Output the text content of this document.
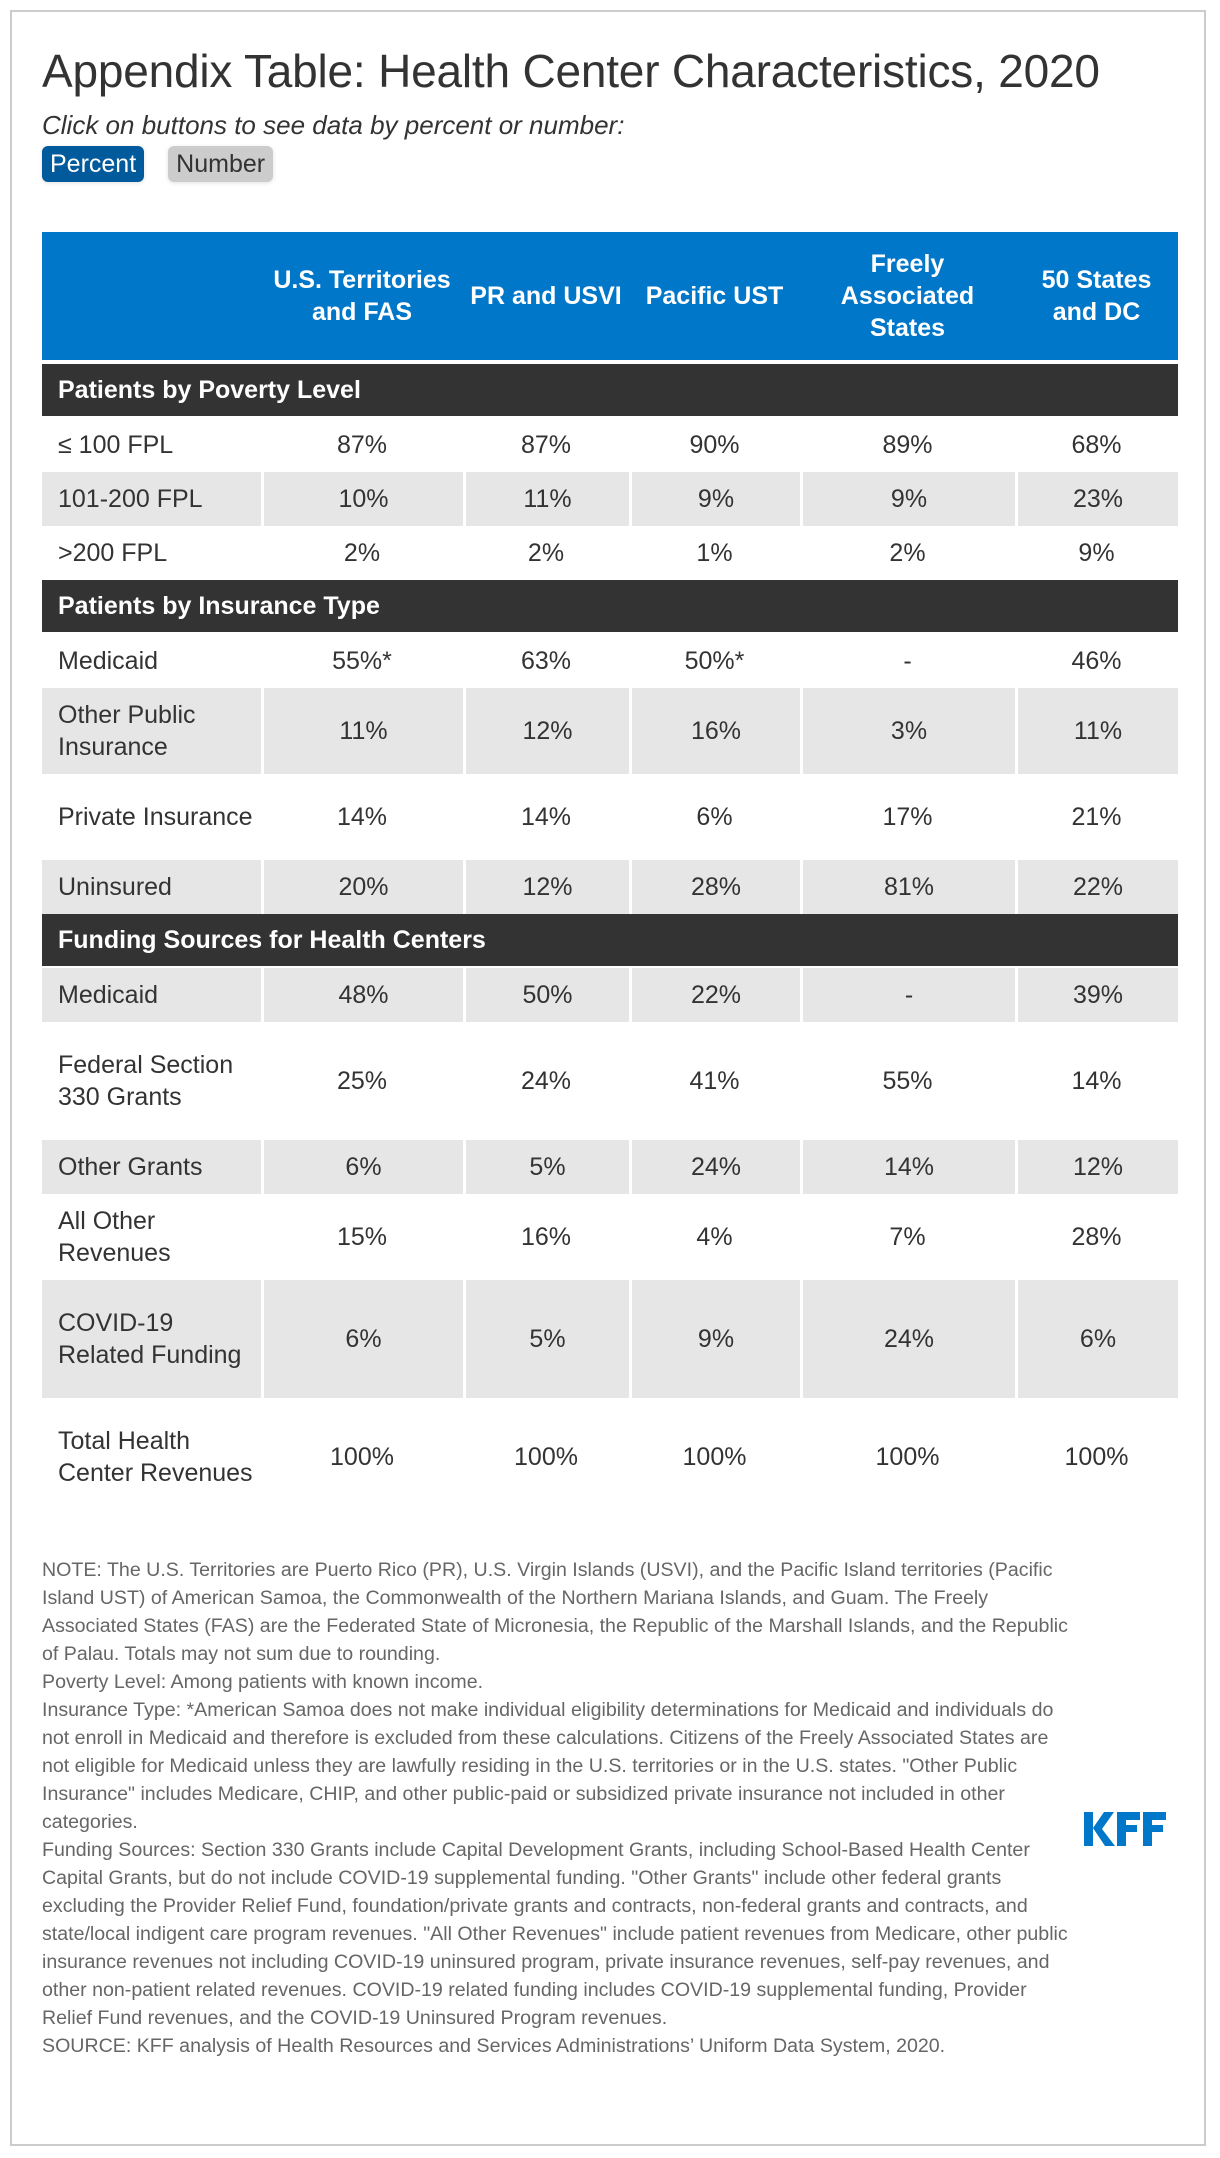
Appendix Table: Health Center Characteristics, 2020
Click on buttons to see data by percent or number:
Percent	Number
	U.S. Territories and FAS	PR and USVI	Pacific UST	Freely Associated States	50 States and DC
Patients by Poverty Level					
≤ 100 FPL	87%	87%	90%	89%	68%
101-200 FPL	10%	11%	9%	9%	23%
>200 FPL	2%	2%	1%	2%	9%
Patients by Insurance Type					
Medicaid	55%*	63%	50%*	-	46%
Other Public Insurance	11%	12%	16%	3%	11%
Private Insurance	14%	14%	6%	17%	21%
Uninsured	20%	12%	28%	81%	22%
Funding Sources for Health Centers					
Medicaid	48%	50%	22%	-	39%
Federal Section 330 Grants	25%	24%	41%	55%	14%
Other Grants	6%	5%	24%	14%	12%
All Other Revenues	15%	16%	4%	7%	28%
COVID-19 Related Funding	6%	5%	9%	24%	6%
Total Health Center Revenues	100%	100%	100%	100%	100%

NOTE: The U.S. Territories are Puerto Rico (PR), U.S. Virgin Islands (USVI), and the Pacific Island territories (Pacific Island UST) of American Samoa, the Commonwealth of the Northern Mariana Islands, and Guam. The Freely Associated States (FAS) are the Federated State of Micronesia, the Republic of the Marshall Islands, and the Republic of Palau. Totals may not sum due to rounding.

Poverty Level: Among patients with known income.

Insurance Type: *American Samoa does not make individual eligibility determinations for Medicaid and individuals do not enroll in Medicaid and therefore is excluded from these calculations. Citizens of the Freely Associated States are not eligible for Medicaid unless they are lawfully residing in the U.S. territories or in the U.S. states. "Other Public Insurance" includes Medicare, CHIP, and other public-paid or subsidized private insurance not included in other categories.

Funding Sources: Section 330 Grants include Capital Development Grants, including School-Based Health Center Capital Grants, but do not include COVID-19 supplemental funding. "Other Grants" include other federal grants excluding the Provider Relief Fund, foundation/private grants and contracts, non-federal grants and contracts, and state/local indigent care program revenues. "All Other Revenues" include patient revenues from Medicare, other public insurance revenues not including COVID-19 uninsured program, private insurance revenues, self-pay revenues, and other non-patient related revenues. COVID-19 related funding includes COVID-19 supplemental funding, Provider Relief Fund revenues, and the COVID-19 Uninsured Program revenues.

SOURCE: KFF analysis of Health Resources and Services Administrations’ Uniform Data System, 2020.
